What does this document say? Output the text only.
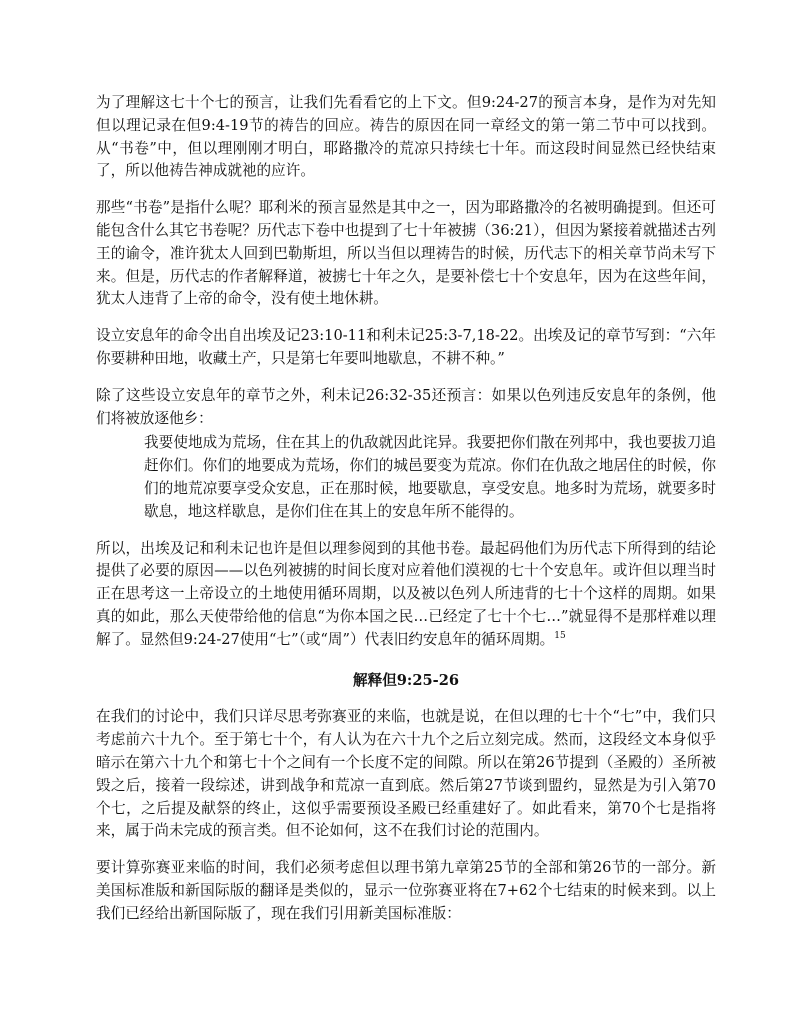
为了理解这七十个七的预言，让我们先看看它的上下文。但9:24-27的预言本身，是作为对先知但以理记录在但9:4-19节的祷告的回应。祷告的原因在同一章经文的第一第二节中可以找到。从“书卷”中，但以理刚刚才明白，耶路撒冷的荒凉只持续七十年。而这段时间显然已经快结束了，所以他祷告神成就祂的应许。

那些“书卷”是指什么呢？耶利米的预言显然是其中之一，因为耶路撒冷的名被明确提到。但还可能包含什么其它书卷呢？历代志下卷中也提到了七十年被掳（36:21），但因为紧接着就描述古列王的谕令，准许犹太人回到巴勒斯坦，所以当但以理祷告的时候，历代志下的相关章节尚未写下来。但是，历代志的作者解释道，被掳七十年之久，是要补偿七十个安息年，因为在这些年间，犹太人违背了上帝的命令，没有使土地休耕。

设立安息年的命令出自出埃及记23:10-11和利未记25:3-7,18-22。出埃及记的章节写到：“六年你要耕种田地，收藏土产，只是第七年要叫地歇息，不耕不种。”

除了这些设立安息年的章节之外，利未记26:32-35还预言：如果以色列违反安息年的条例，他们将被放逐他乡：

我要使地成为荒场，住在其上的仇敌就因此诧异。我要把你们散在列邦中，我也要拔刀追赶你们。你们的地要成为荒场，你们的城邑要变为荒凉。你们在仇敌之地居住的时候，你们的地荒凉要享受众安息，正在那时候，地要歇息，享受安息。地多时为荒场，就要多时歇息，地这样歇息，是你们住在其上的安息年所不能得的。

所以，出埃及记和利未记也许是但以理参阅到的其他书卷。最起码他们为历代志下所得到的结论提供了必要的原因——以色列被掳的时间长度对应着他们漠视的七十个安息年。或许但以理当时正在思考这一上帝设立的土地使用循环周期，以及被以色列人所违背的七十个这样的周期。如果真的如此，那么天使带给他的信息“为你本国之民…已经定了七十个七…”就显得不是那样难以理解了。显然但9:24-27使用“七”（或“周”）代表旧约安息年的循环周期。$^{15}$

解释但9:25-26

在我们的讨论中，我们只详尽思考弥赛亚的来临，也就是说，在但以理的七十个“七”中，我们只考虑前六十九个。至于第七十个，有人认为在六十九个之后立刻完成。然而，这段经文本身似乎暗示在第六十九个和第七十个之间有一个长度不定的间隙。所以在第26节提到（圣殿的）圣所被毁之后，接着一段综述，讲到战争和荒凉一直到底。然后第27节谈到盟约，显然是为引入第70个七，之后提及献祭的终止，这似乎需要预设圣殿已经重建好了。如此看来，第70个七是指将来，属于尚未完成的预言类。但不论如何，这不在我们讨论的范围内。

要计算弥赛亚来临的时间，我们必须考虑但以理书第九章第25节的全部和第26节的一部分。新美国标准版和新国际版的翻译是类似的，显示一位弥赛亚将在7+62个七结束的时候来到。以上我们已经给出新国际版了，现在我们引用新美国标准版：
